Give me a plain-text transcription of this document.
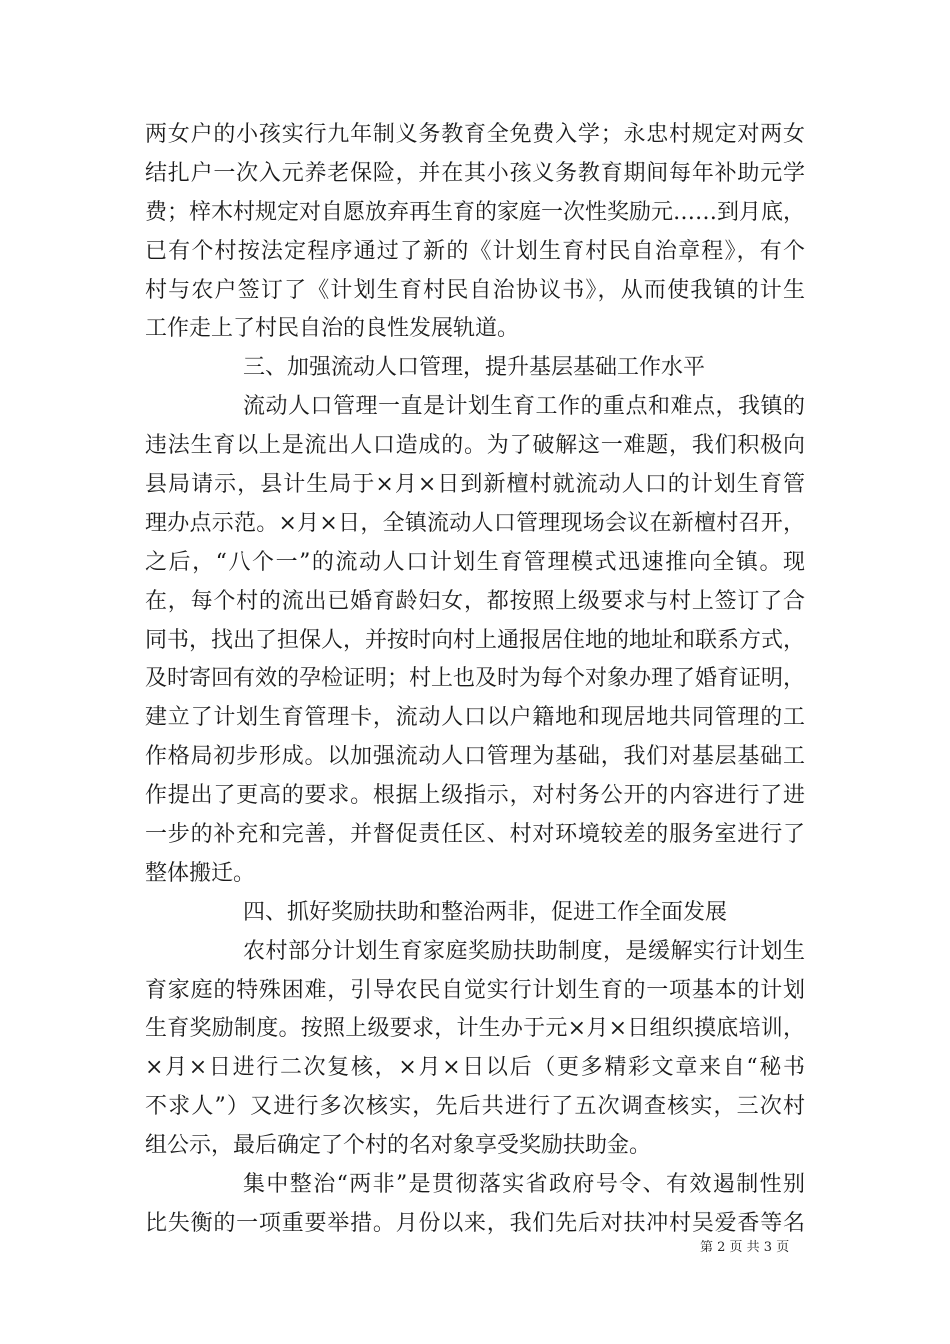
两女户的小孩实行九年制义务教育全免费入学；永忠村规定对两女
结扎户一次入元养老保险，并在其小孩义务教育期间每年补助元学
费；梓木村规定对自愿放弃再生育的家庭一次性奖励元……到月底，
已有个村按法定程序通过了新的《计划生育村民自治章程》，有个
村与农户签订了《计划生育村民自治协议书》，从而使我镇的计生
工作走上了村民自治的良性发展轨道。
三、加强流动人口管理，提升基层基础工作水平
流动人口管理一直是计划生育工作的重点和难点，我镇的
违法生育以上是流出人口造成的。为了破解这一难题，我们积极向
县局请示，县计生局于×月×日到新檀村就流动人口的计划生育管
理办点示范。×月×日，全镇流动人口管理现场会议在新檀村召开，
之后，“八个一”的流动人口计划生育管理模式迅速推向全镇。现
在，每个村的流出已婚育龄妇女，都按照上级要求与村上签订了合
同书，找出了担保人，并按时向村上通报居住地的地址和联系方式，
及时寄回有效的孕检证明；村上也及时为每个对象办理了婚育证明，
建立了计划生育管理卡，流动人口以户籍地和现居地共同管理的工
作格局初步形成。以加强流动人口管理为基础，我们对基层基础工
作提出了更高的要求。根据上级指示，对村务公开的内容进行了进
一步的补充和完善，并督促责任区、村对环境较差的服务室进行了
整体搬迁。
四、抓好奖励扶助和整治两非，促进工作全面发展
农村部分计划生育家庭奖励扶助制度，是缓解实行计划生
育家庭的特殊困难，引导农民自觉实行计划生育的一项基本的计划
生育奖励制度。按照上级要求，计生办于元×月×日组织摸底培训，
×月×日进行二次复核，×月×日以后（更多精彩文章来自“秘书
不求人”）又进行多次核实，先后共进行了五次调查核实，三次村
组公示，最后确定了个村的名对象享受奖励扶助金。
集中整治“两非”是贯彻落实省政府号令、有效遏制性别
比失衡的一项重要举措。月份以来，我们先后对扶冲村吴爱香等名
第 2 页 共 3 页
